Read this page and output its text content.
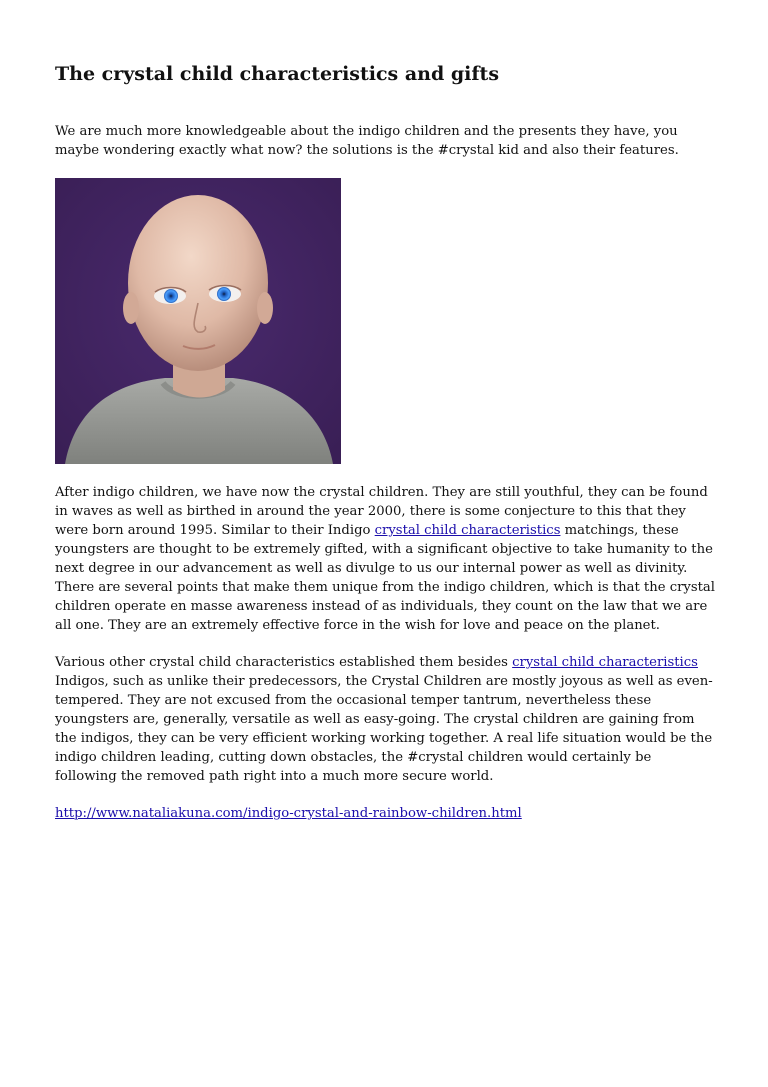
The crystal child characteristics and gifts

We are much more knowledgeable about the indigo children and the presents they have, you maybe wondering exactly what now? the solutions is the #crystal kid and also their features.

After indigo children, we have now the crystal children. They are still youthful, they can be found in waves as well as birthed in around the year 2000, there is some conjecture to this that they were born around 1995. Similar to their Indigo crystal child characteristics matchings, these youngsters are thought to be extremely gifted, with a significant objective to take humanity to the next degree in our advancement as well as divulge to us our internal power as well as divinity. There are several points that make them unique from the indigo children, which is that the crystal children operate en masse awareness instead of as individuals, they count on the law that we are all one. They are an extremely effective force in the wish for love and peace on the planet.

Various other crystal child characteristics established them besides crystal child characteristics Indigos, such as unlike their predecessors, the Crystal Children are mostly joyous as well as even-tempered. They are not excused from the occasional temper tantrum, nevertheless these youngsters are, generally, versatile as well as easy-going. The crystal children are gaining from the indigos, they can be very efficient working working together. A real life situation would be the indigo children leading, cutting down obstacles, the #crystal children would certainly be following the removed path right into a much more secure world.

http://www.nataliakuna.com/indigo-crystal-and-rainbow-children.html
